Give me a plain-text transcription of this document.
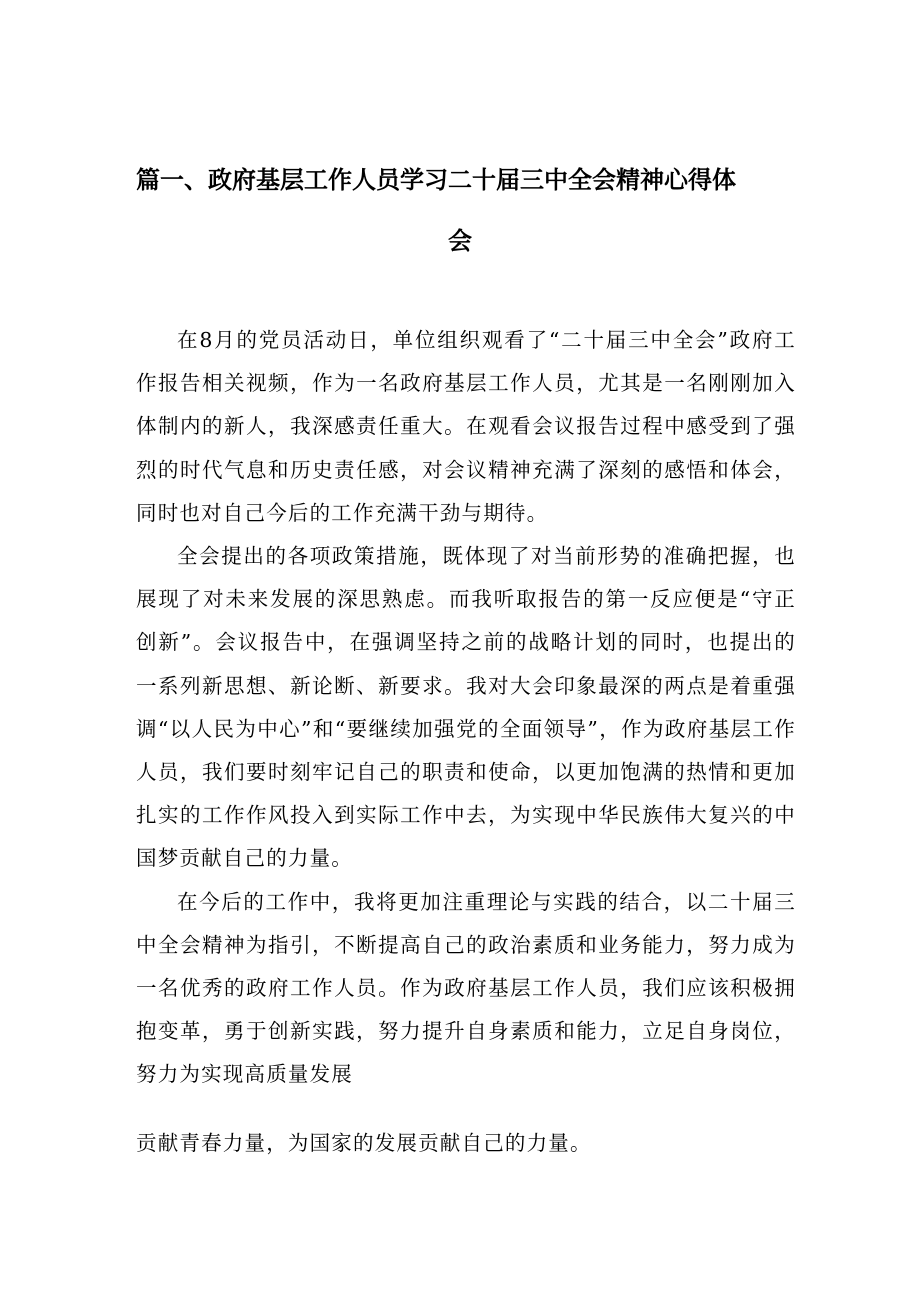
篇一、政府基层工作人员学习二十届三中全会精神心得体
会

在8月的党员活动日，单位组织观看了“二十届三中全会”政府工作报告相关视频，作为一名政府基层工作人员，尤其是一名刚刚加入体制内的新人，我深感责任重大。在观看会议报告过程中感受到了强烈的时代气息和历史责任感，对会议精神充满了深刻的感悟和体会，同时也对自己今后的工作充满干劲与期待。

全会提出的各项政策措施，既体现了对当前形势的准确把握，也展现了对未来发展的深思熟虑。而我听取报告的第一反应便是“守正创新”。会议报告中，在强调坚持之前的战略计划的同时，也提出的一系列新思想、新论断、新要求。我对大会印象最深的两点是着重强调“以人民为中心”和“要继续加强党的全面领导”，作为政府基层工作人员，我们要时刻牢记自己的职责和使命，以更加饱满的热情和更加扎实的工作作风投入到实际工作中去，为实现中华民族伟大复兴的中国梦贡献自己的力量。

在今后的工作中，我将更加注重理论与实践的结合，以二十届三中全会精神为指引，不断提高自己的政治素质和业务能力，努力成为一名优秀的政府工作人员。作为政府基层工作人员，我们应该积极拥抱变革，勇于创新实践，努力提升自身素质和能力，立足自身岗位，努力为实现高质量发展

贡献青春力量，为国家的发展贡献自己的力量。
